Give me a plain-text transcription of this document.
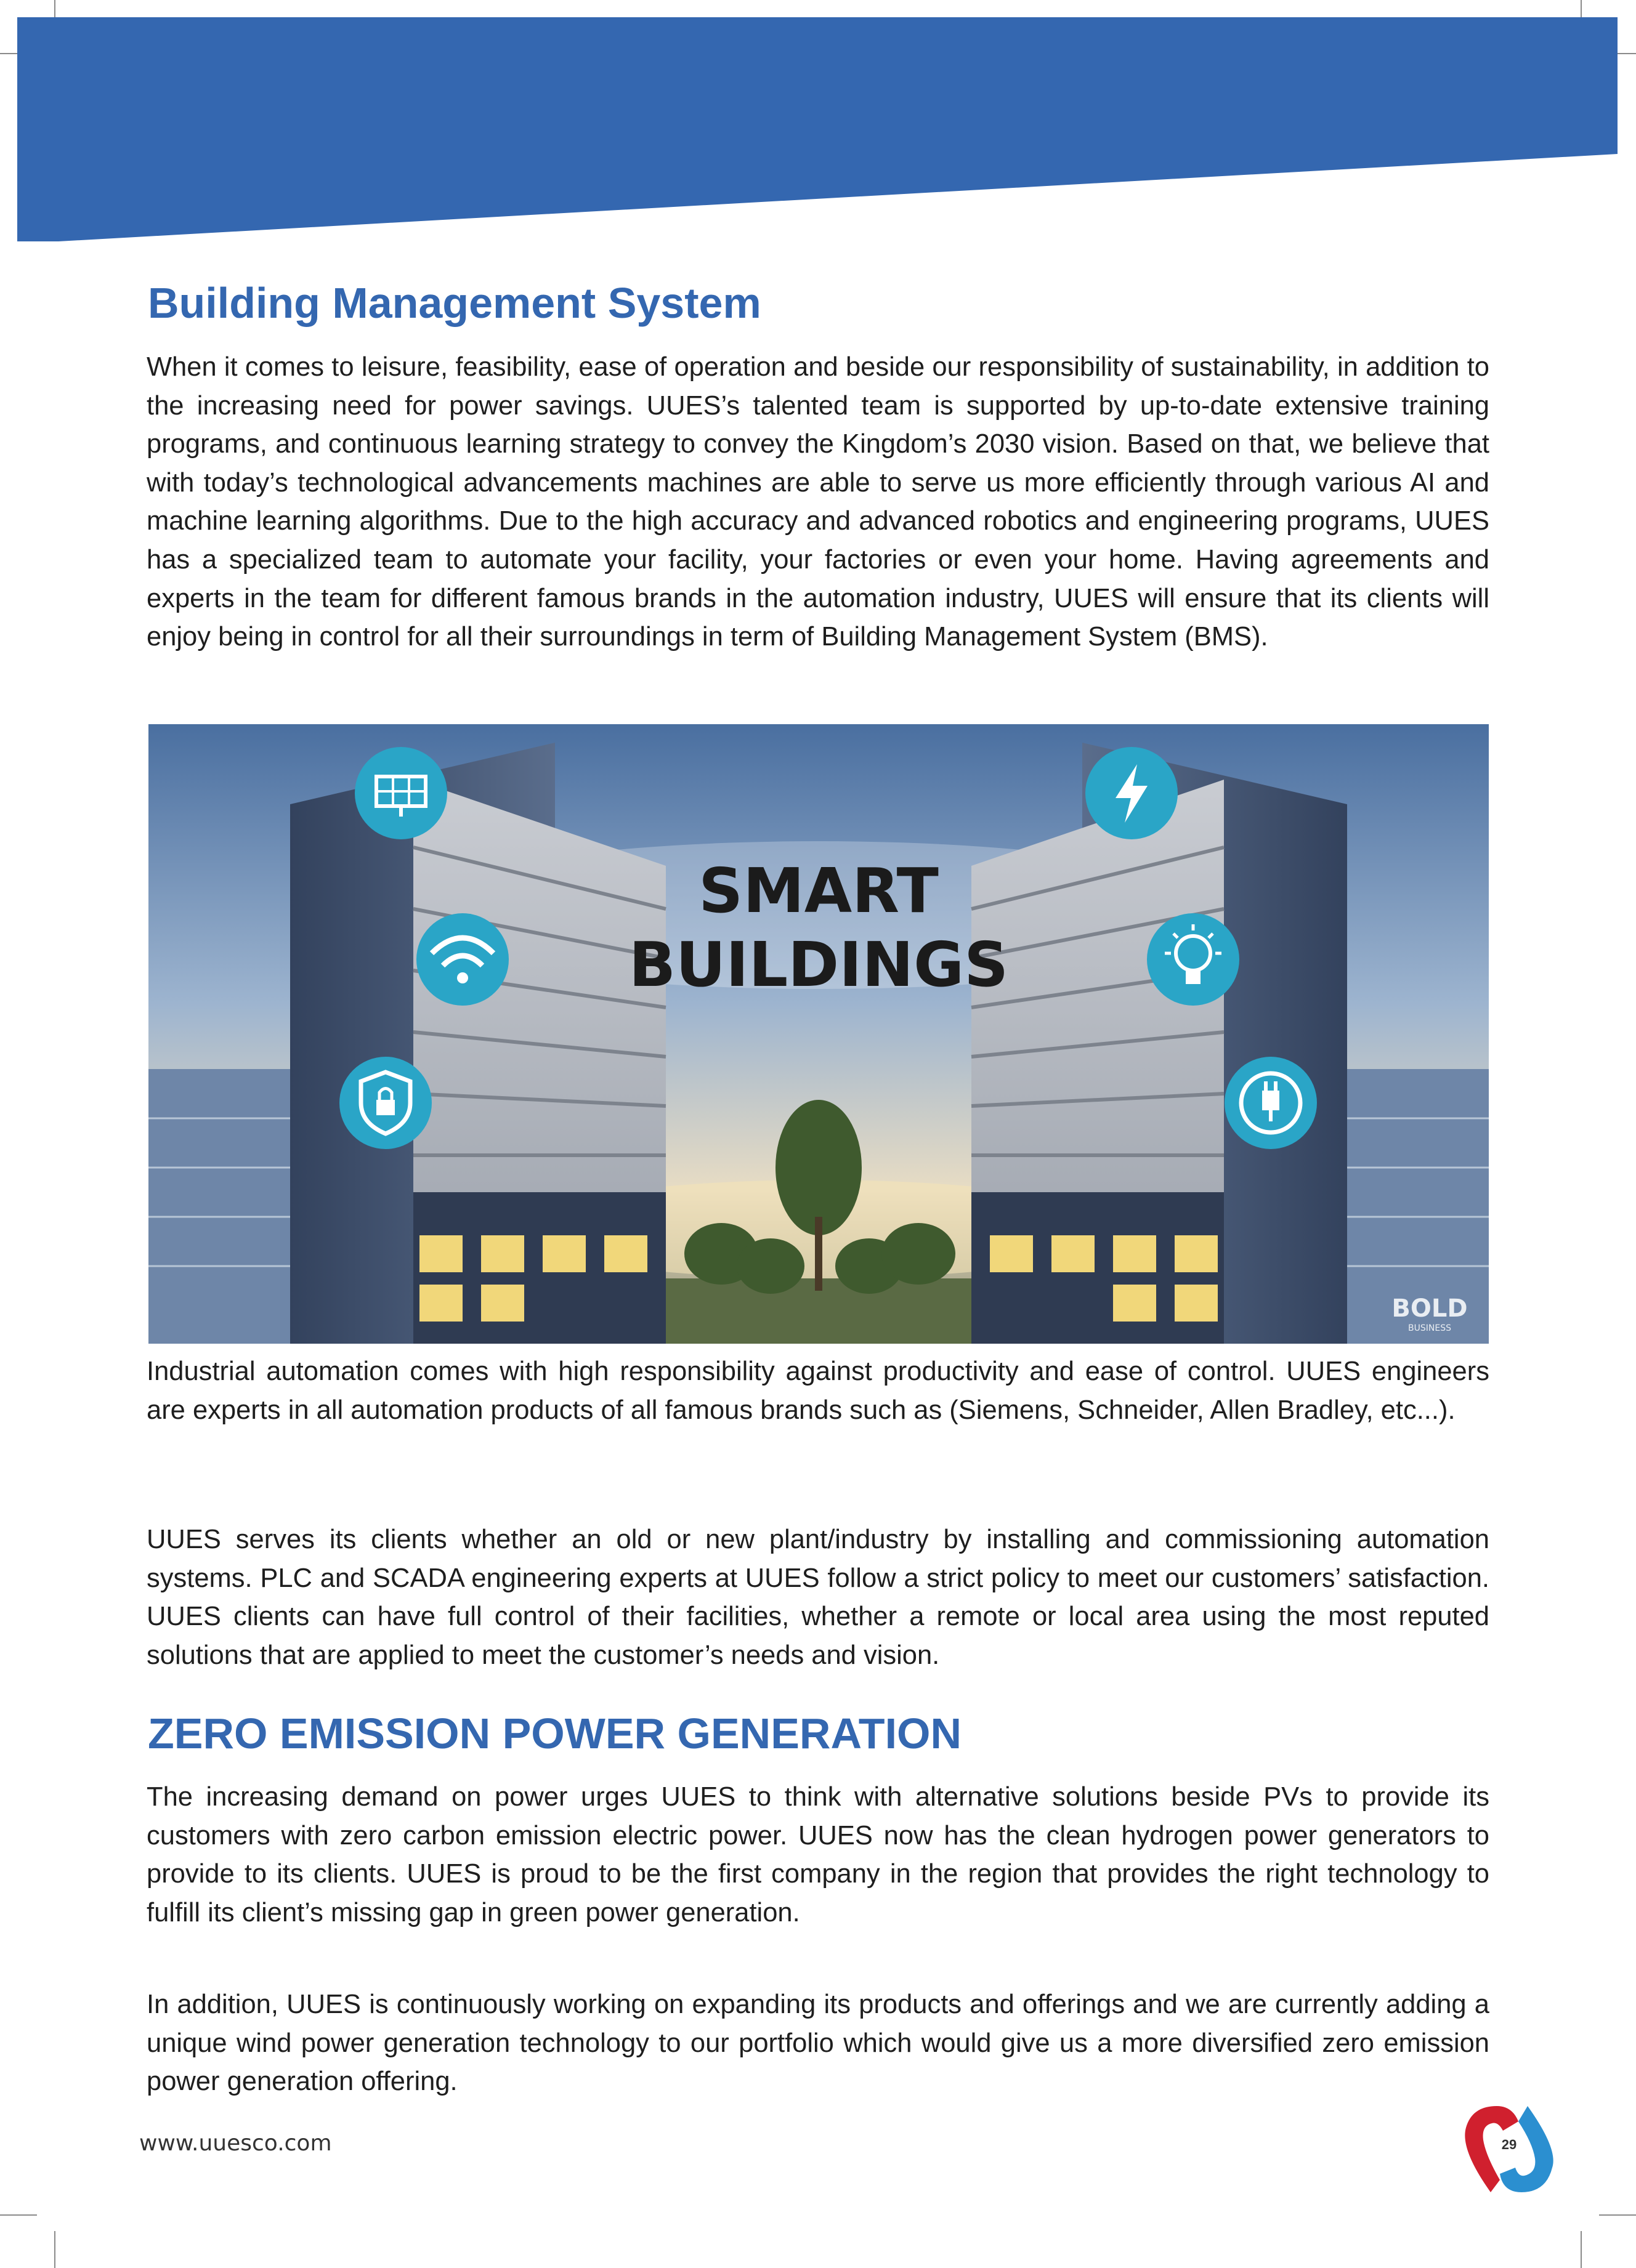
Building Management System

When it comes to leisure, feasibility, ease of operation and beside our responsibility of sustainability, in addition to the increasing need for power savings. UUES’s talented team is supported by up-to-date extensive training programs, and continuous learning strategy to convey the Kingdom’s 2030 vision. Based on that, we believe that with today’s technological advancements machines are able to serve us more efficiently through various AI and machine learning algorithms. Due to the high accuracy and advanced robotics and engineering programs, UUES has a specialized team to automate your facility, your factories or even your home. Having agreements and experts in the team for different famous brands in the automation industry, UUES will ensure that its clients will enjoy being in control for all their surroundings in term of Building Management System (BMS).

SMART
BUILDINGS
BOLD
BUSINESS

Industrial automation comes with high responsibility against productivity and ease of control. UUES engineers are experts in all automation products of all famous brands such as (Siemens, Schneider, Allen Bradley, etc...).

UUES serves its clients whether an old or new plant/industry by installing and commissioning automation systems. PLC and SCADA engineering experts at UUES follow a strict policy to meet our customers’ satisfaction. UUES clients can have full control of their facilities, whether a remote or local area using the most reputed solutions that are applied to meet the customer’s needs and vision.

ZERO EMISSION POWER GENERATION

The increasing demand on power urges UUES to think with alternative solutions beside PVs to provide its customers with zero carbon emission electric power. UUES now has the clean hydrogen power generators to provide to its clients. UUES is proud to be the first company in the region that provides the right technology to fulfill its client’s missing gap in green power generation.

In addition, UUES is continuously working on expanding its products and offerings and we are currently adding a unique wind power generation technology to our portfolio which would give us a more diversified zero emission power generation offering.

www.uuesco.com	29
